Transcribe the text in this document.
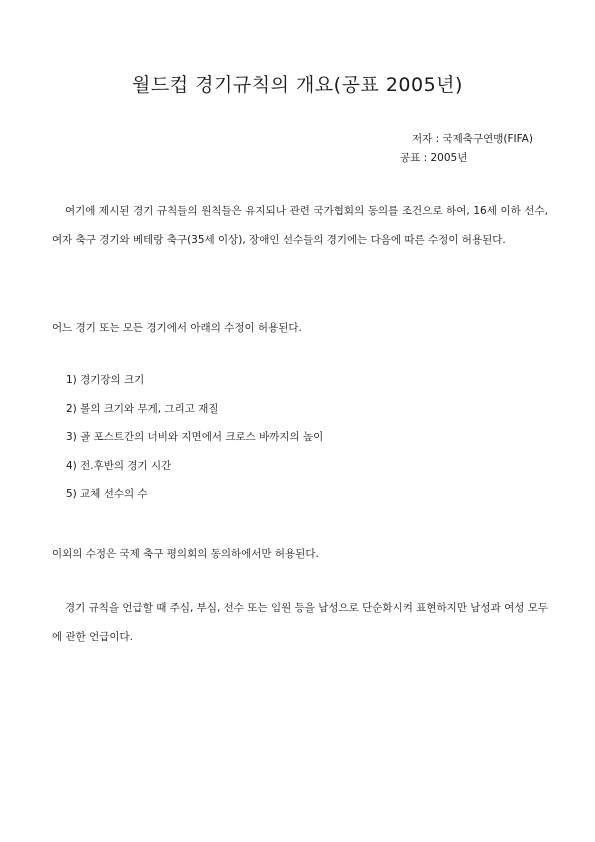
월드컵 경기규칙의 개요(공표 2005년)
저자 : 국제축구연맹(FIFA)
공표 : 2005년

여기에 제시된 경기 규칙들의 원칙들은 유지되나 관련 국가협회의 동의를 조건으로 하여, 16세 이하 선수, 여자 축구 경기와 베테랑 축구(35세 이상), 장애인 선수들의 경기에는 다음에 따른 수정이 허용된다.

어느 경기 또는 모든 경기에서 아래의 수정이 허용된다.

1) 경기장의 크기
2) 볼의 크기와 무게, 그리고 재질
3) 골 포스트간의 너비와 지면에서 크로스 바까지의 높이
4) 전.후반의 경기 시간
5) 교체 선수의 수

이외의 수정은 국제 축구 평의회의 동의하에서만 허용된다.

경기 규칙을 언급할 때 주심, 부심, 선수 또는 임원 등을 남성으로 단순화시켜 표현하지만 남성과 여성 모두에 관한 언급이다.
